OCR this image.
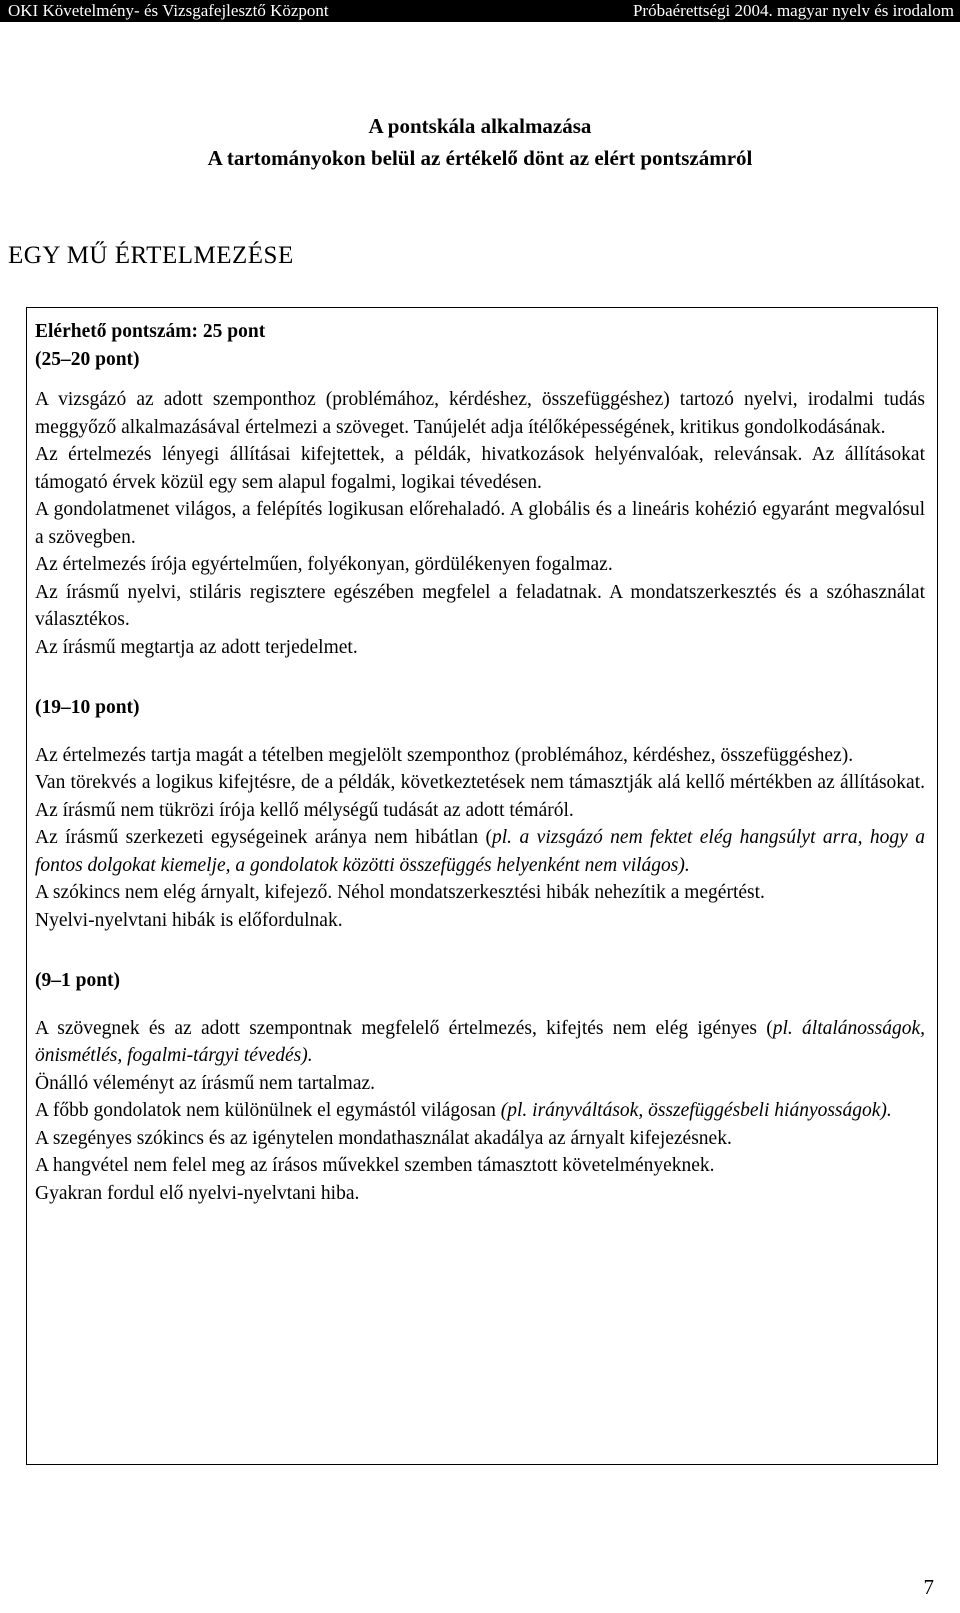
OKI Követelmény- és Vizsgafejlesztő Központ	Próbaérettségi 2004. magyar nyelv és irodalom
A pontskála alkalmazása
A tartományokon belül az értékelő dönt az elért pontszámról
EGY MŰ ÉRTELMEZÉSE

Elérhető pontszám: 25 pont

(25–20 pont)

A vizsgázó az adott szemponthoz (problémához, kérdéshez, összefüggéshez) tartozó nyelvi, irodalmi tudás meggyőző alkalmazásával értelmezi a szöveget. Tanújelét adja ítélőképességének, kritikus gondolkodásának.

Az értelmezés lényegi állításai kifejtettek, a példák, hivatkozások helyénvalóak, relevánsak. Az állításokat támogató érvek közül egy sem alapul fogalmi, logikai tévedésen.

A gondolatmenet világos, a felépítés logikusan előrehaladó. A globális és a lineáris kohézió egyaránt megvalósul a szövegben.

Az értelmezés írója egyértelműen, folyékonyan, gördülékenyen fogalmaz.

Az írásmű nyelvi, stiláris regisztere egészében megfelel a feladatnak. A mondatszerkesztés és a szóhasználat választékos.

Az írásmű megtartja az adott terjedelmet.

(19–10 pont)

Az értelmezés tartja magát a tételben megjelölt szemponthoz (problémához, kérdéshez, összefüggéshez).

Van törekvés a logikus kifejtésre, de a példák, következtetések nem támasztják alá kellő mértékben az állításokat. Az írásmű nem tükrözi írója kellő mélységű tudását az adott témáról.

Az írásmű szerkezeti egységeinek aránya nem hibátlan (pl. a vizsgázó nem fektet elég hangsúlyt arra, hogy a fontos dolgokat kiemelje, a gondolatok közötti összefüggés helyenként nem világos).

A szókincs nem elég árnyalt, kifejező. Néhol mondatszerkesztési hibák nehezítik a megértést.

Nyelvi-nyelvtani hibák is előfordulnak.

(9–1 pont)

A szövegnek és az adott szempontnak megfelelő értelmezés, kifejtés nem elég igényes (pl. általánosságok, önismétlés, fogalmi-tárgyi tévedés).

Önálló véleményt az írásmű nem tartalmaz.

A főbb gondolatok nem különülnek el egymástól világosan (pl. irányváltások, összefüggésbeli hiányosságok).

A szegényes szókincs és az igénytelen mondathasználat akadálya az árnyalt kifejezésnek.

A hangvétel nem felel meg az írásos művekkel szemben támasztott követelményeknek.

Gyakran fordul elő nyelvi-nyelvtani hiba.

7
